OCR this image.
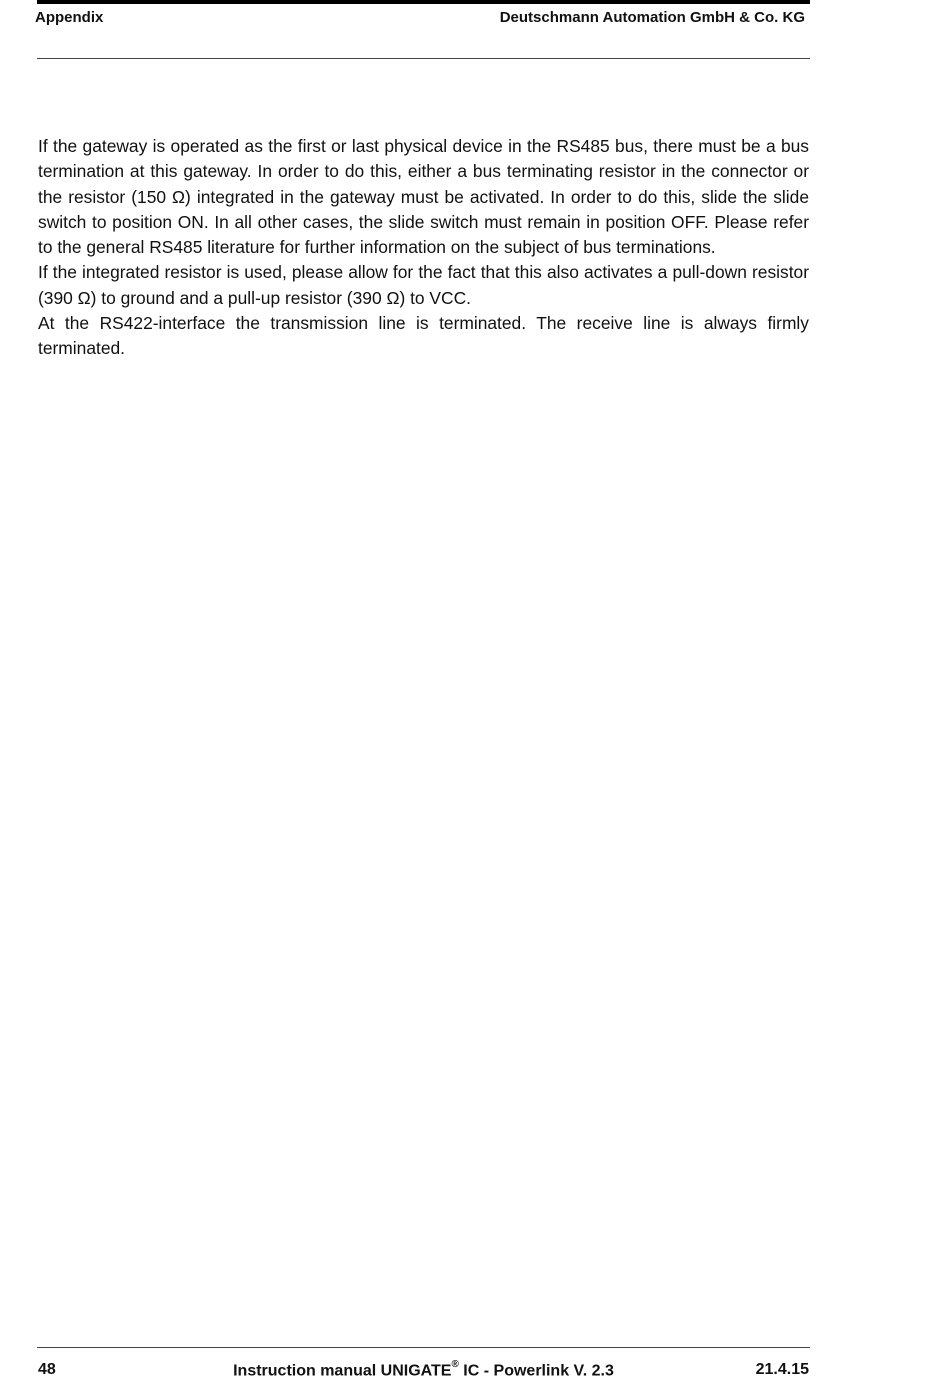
Appendix	Deutschmann Automation GmbH & Co. KG

If the gateway is operated as the first or last physical device in the RS485 bus, there must be a bus termination at this gateway. In order to do this, either a bus terminating resistor in the connector or the resistor (150 Ω) integrated in the gateway must be activated. In order to do this, slide the slide switch to position ON. In all other cases, the slide switch must remain in position OFF. Please refer to the general RS485 literature for further information on the subject of bus terminations.

If the integrated resistor is used, please allow for the fact that this also activates a pull-down resistor (390 Ω) to ground and a pull-up resistor (390 Ω) to VCC.

At the RS422-interface the transmission line is terminated. The receive line is always firmly terminated.

48	Instruction manual UNIGATE® IC - Powerlink V. 2.3	21.4.15
